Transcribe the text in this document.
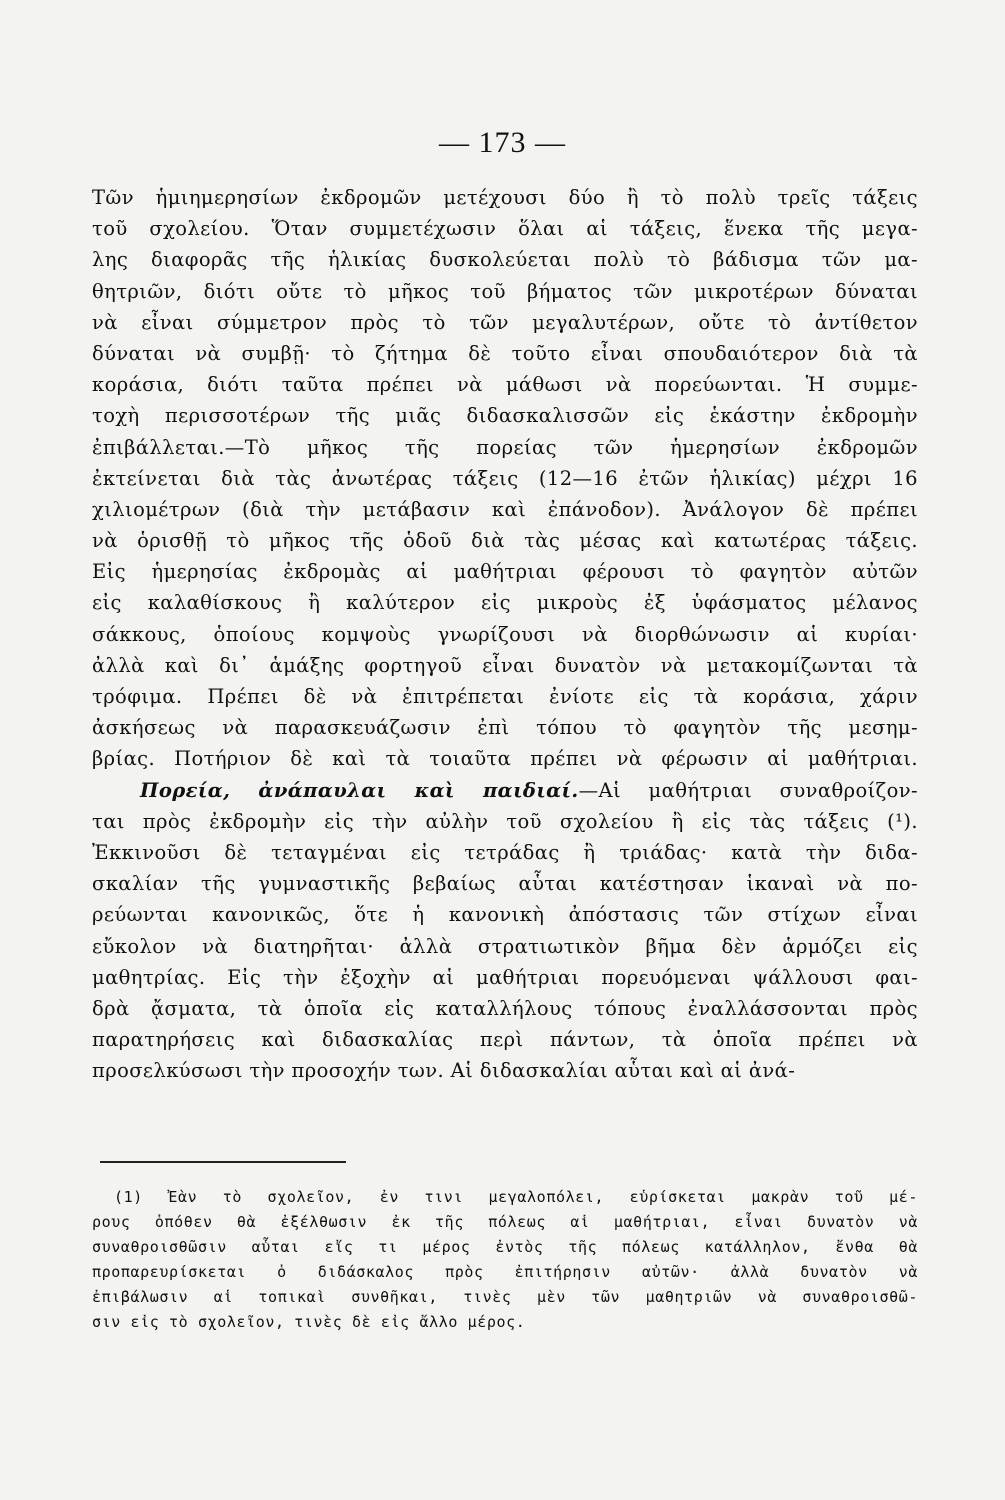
— 173 —
Τῶν ἡμιημερησίων ἐκδρομῶν μετέχουσι δύο ἢ τὸ πολὺ τρεῖς τάξεις
τοῦ σχολείου. Ὅταν συμμετέχωσιν ὅλαι αἱ τάξεις, ἕνεκα τῆς μεγα-
λης διαφορᾶς τῆς ἡλικίας δυσκολεύεται πολὺ τὸ βάδισμα τῶν μα-
θητριῶν, διότι οὔτε τὸ μῆκος τοῦ βήματος τῶν μικροτέρων δύναται
νὰ εἶναι σύμμετρον πρὸς τὸ τῶν μεγαλυτέρων, οὔτε τὸ ἀντίθετον
δύναται νὰ συμβῇ· τὸ ζήτημα δὲ τοῦτο εἶναι σπουδαιότερον διὰ τὰ
κοράσια, διότι ταῦτα πρέπει νὰ μάθωσι νὰ πορεύωνται. Ἡ συμμε-
τοχὴ περισσοτέρων τῆς μιᾶς διδασκαλισσῶν εἰς ἑκάστην ἐκδρομὴν
ἐπιβάλλεται.—Τὸ μῆκος τῆς πορείας τῶν ἡμερησίων ἐκδρομῶν
ἐκτείνεται διὰ τὰς ἀνωτέρας τάξεις (12—16 ἐτῶν ἡλικίας) μέχρι 16
χιλιομέτρων (διὰ τὴν μετάβασιν καὶ ἐπάνοδον). Ἀνάλογον δὲ πρέπει
νὰ ὁρισθῇ τὸ μῆκος τῆς ὁδοῦ διὰ τὰς μέσας καὶ κατωτέρας τάξεις.
Εἰς ἡμερησίας ἐκδρομὰς αἱ μαθήτριαι φέρουσι τὸ φαγητὸν αὐτῶν
εἰς καλαθίσκους ἢ καλύτερον εἰς μικροὺς ἐξ ὑφάσματος μέλανος
σάκκους, ὁποίους κομψοὺς γνωρίζουσι νὰ διορθώνωσιν αἱ κυρίαι·
ἀλλὰ καὶ δι᾽ ἁμάξης φορτηγοῦ εἶναι δυνατὸν νὰ μετακομίζωνται τὰ
τρόφιμα. Πρέπει δὲ νὰ ἐπιτρέπεται ἐνίοτε εἰς τὰ κοράσια, χάριν
ἀσκήσεως νὰ παρασκευάζωσιν ἐπὶ τόπου τὸ φαγητὸν τῆς μεσημ-
βρίας. Ποτήριον δὲ καὶ τὰ τοιαῦτα πρέπει νὰ φέρωσιν αἱ μαθήτριαι.
Πορεία, ἀνάπαυλαι καὶ παιδιαί.—Αἱ μαθήτριαι συναθροίζον-
ται πρὸς ἐκδρομὴν εἰς τὴν αὐλὴν τοῦ σχολείου ἢ εἰς τὰς τάξεις (¹).
Ἐκκινοῦσι δὲ τεταγμέναι εἰς τετράδας ἢ τριάδας· κατὰ τὴν διδα-
σκαλίαν τῆς γυμναστικῆς βεβαίως αὗται κατέστησαν ἱκαναὶ νὰ πο-
ρεύωνται κανονικῶς, ὅτε ἡ κανονικὴ ἀπόστασις τῶν στίχων εἶναι
εὔκολον νὰ διατηρῆται· ἀλλὰ στρατιωτικὸν βῆμα δὲν ἁρμόζει εἰς
μαθητρίας. Εἰς τὴν ἐξοχὴν αἱ μαθήτριαι πορευόμεναι ψάλλουσι φαι-
δρὰ ᾄσματα, τὰ ὁποῖα εἰς καταλλήλους τόπους ἐναλλάσσονται πρὸς
παρατηρήσεις καὶ διδασκαλίας περὶ πάντων, τὰ ὁποῖα πρέπει νὰ
προσελκύσωσι τὴν προσοχήν των. Αἱ διδασκαλίαι αὗται καὶ αἱ ἀνά-
(1) Ἐὰν τὸ σχολεῖον, ἐν τινι μεγαλοπόλει, εὑρίσκεται μακρὰν τοῦ μέ-
ρους ὁπόθεν θὰ ἐξέλθωσιν ἐκ τῆς πόλεως αἱ μαθήτριαι, εἶναι δυνατὸν νὰ
συναθροισθῶσιν αὗται εἴς τι μέρος ἐντὸς τῆς πόλεως κατάλληλον, ἔνθα θὰ
προπαρευρίσκεται ὁ διδάσκαλος πρὸς ἐπιτήρησιν αὐτῶν· ἀλλὰ δυνατὸν νὰ
ἐπιβάλωσιν αἱ τοπικαὶ συνθῆκαι, τινὲς μὲν τῶν μαθητριῶν νὰ συναθροισθῶ-
σιν εἰς τὸ σχολεῖον, τινὲς δὲ εἰς ἄλλο μέρος.
